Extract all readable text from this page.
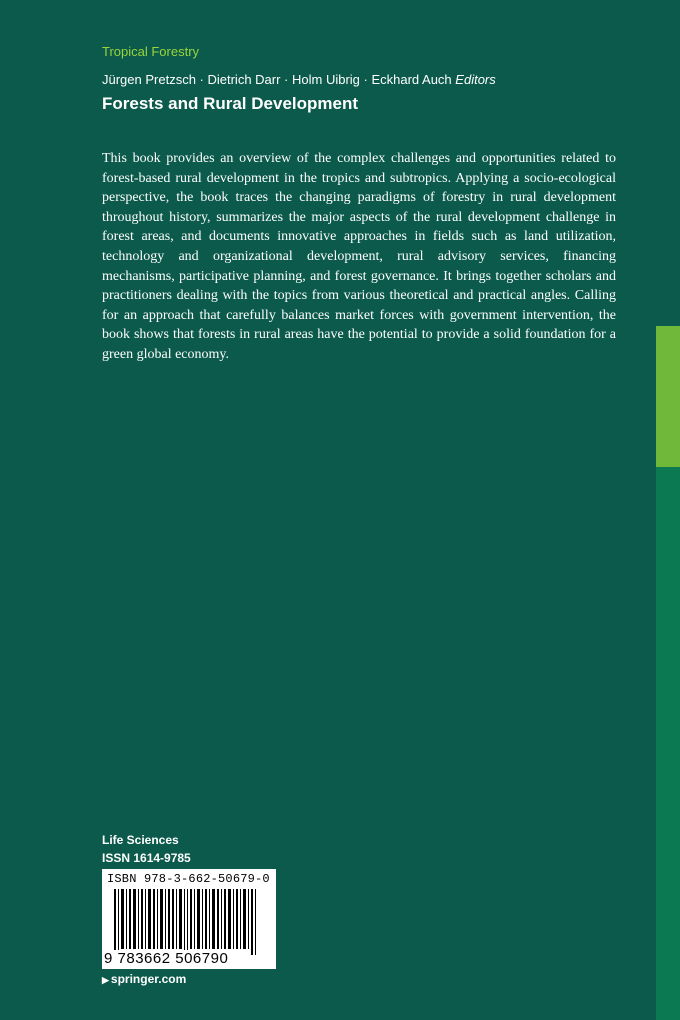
Tropical Forestry
Jürgen Pretzsch · Dietrich Darr · Holm Uibrig · Eckhard Auch Editors
Forests and Rural Development

This book provides an overview of the complex challenges and opportunities related to forest-based rural development in the tropics and subtropics. Applying a socio-ecological perspective, the book traces the changing paradigms of forestry in rural development throughout history, summarizes the major aspects of the rural development challenge in forest areas, and documents innovative approaches in fields such as land utilization, technology and organizational development, rural advisory services, financing mechanisms, participative planning, and forest governance. It brings together scholars and practitioners dealing with the topics from various theoretical and practical angles. Calling for an approach that carefully balances market forces with government intervention, the book shows that forests in rural areas have the potential to provide a solid foundation for a green global economy.

Life Sciences
ISSN 1614-9785
ISBN 978-3-662-50679-0
9 783662 506790
▶ springer.com
